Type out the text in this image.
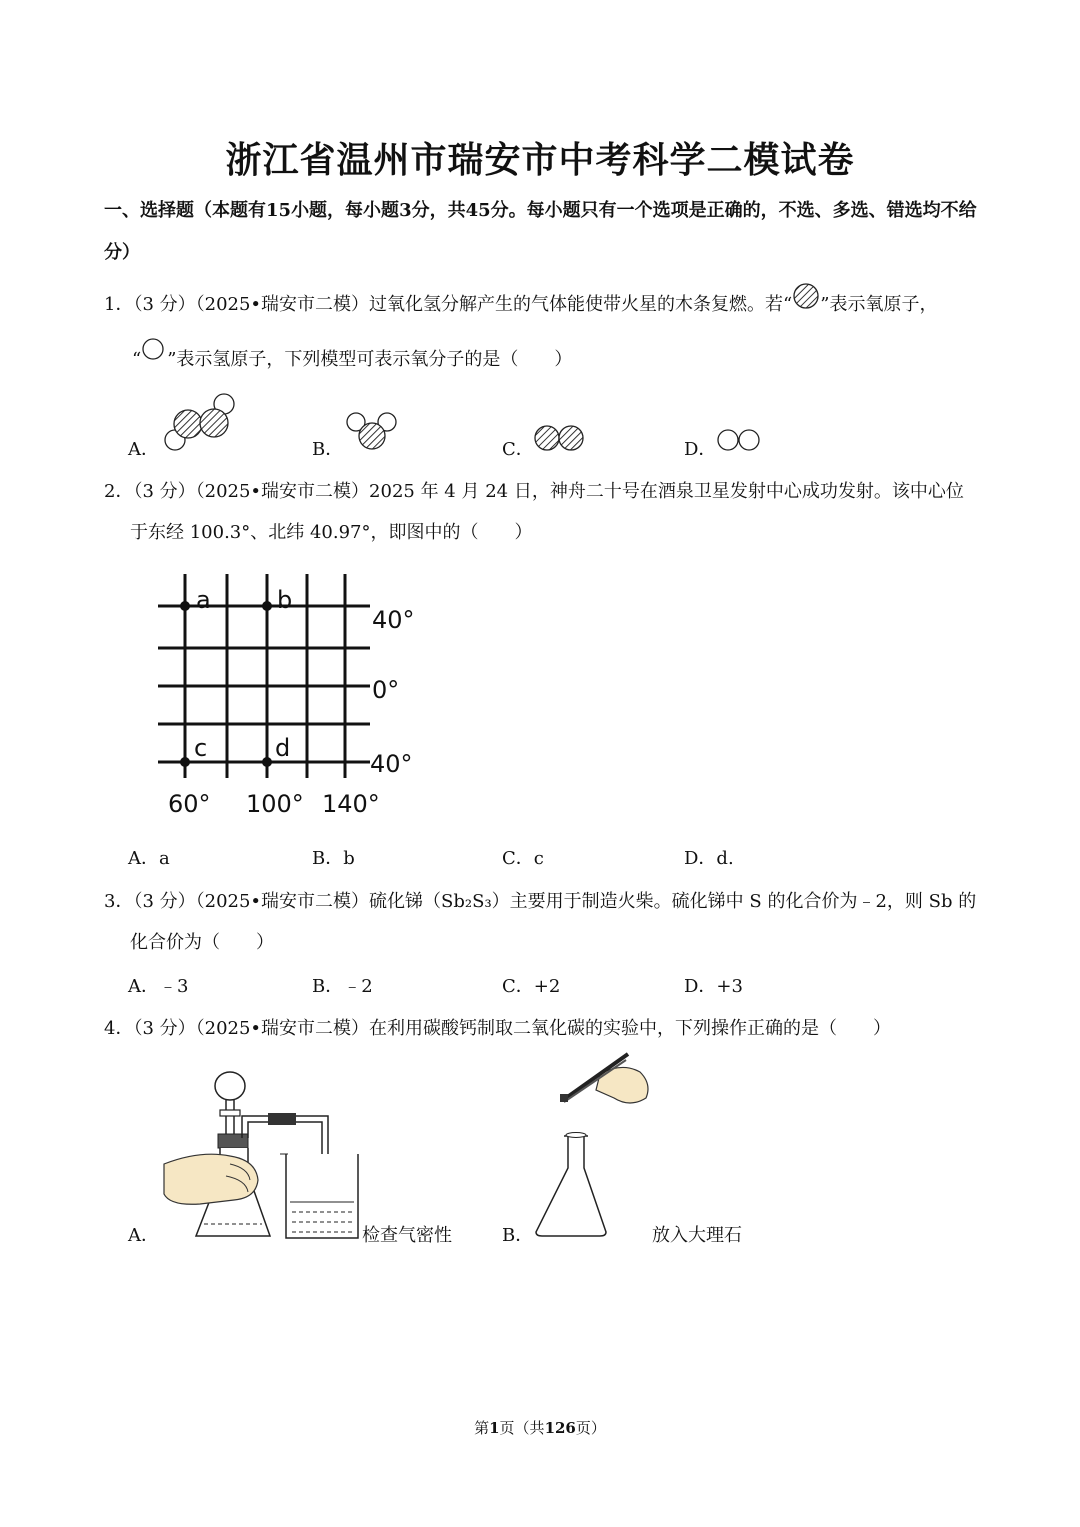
浙江省温州市瑞安市中考科学二模试卷
一、选择题（本题有15小题，每小题3分，共45分。每小题只有一个选项是正确的，不选、多选、错选均不给分）
1．（3 分）（2025•瑞安市二模）过氧化氢分解产生的气体能使带火星的木条复燃。若“ ”表示氧原子，
“ ”表示氢原子，下列模型可表示氧分子的是（　　）
A．	B．	C．	D．
2．（3 分）（2025•瑞安市二模）2025 年 4 月 24 日，神舟二十号在酒泉卫星发射中心成功发射。该中心位
于东经 100.3°、北纬 40.97°，即图中的（　　）
a	b
c	d
40°
0°
40°
60° 100° 140°
A．a	B．b	C．c	D．d.
3．（3 分）（2025•瑞安市二模）硫化锑（Sb₂S₃）主要用于制造火柴。硫化锑中 S 的化合价为﹣2，则 Sb 的
化合价为（　　）
A．﹣3	B．﹣2	C．+2	D．+3
4．（3 分）（2025•瑞安市二模）在利用碳酸钙制取二氧化碳的实验中，下列操作正确的是（　　）
A．	检查气密性	B．	放入大理石
第1页（共126页）
